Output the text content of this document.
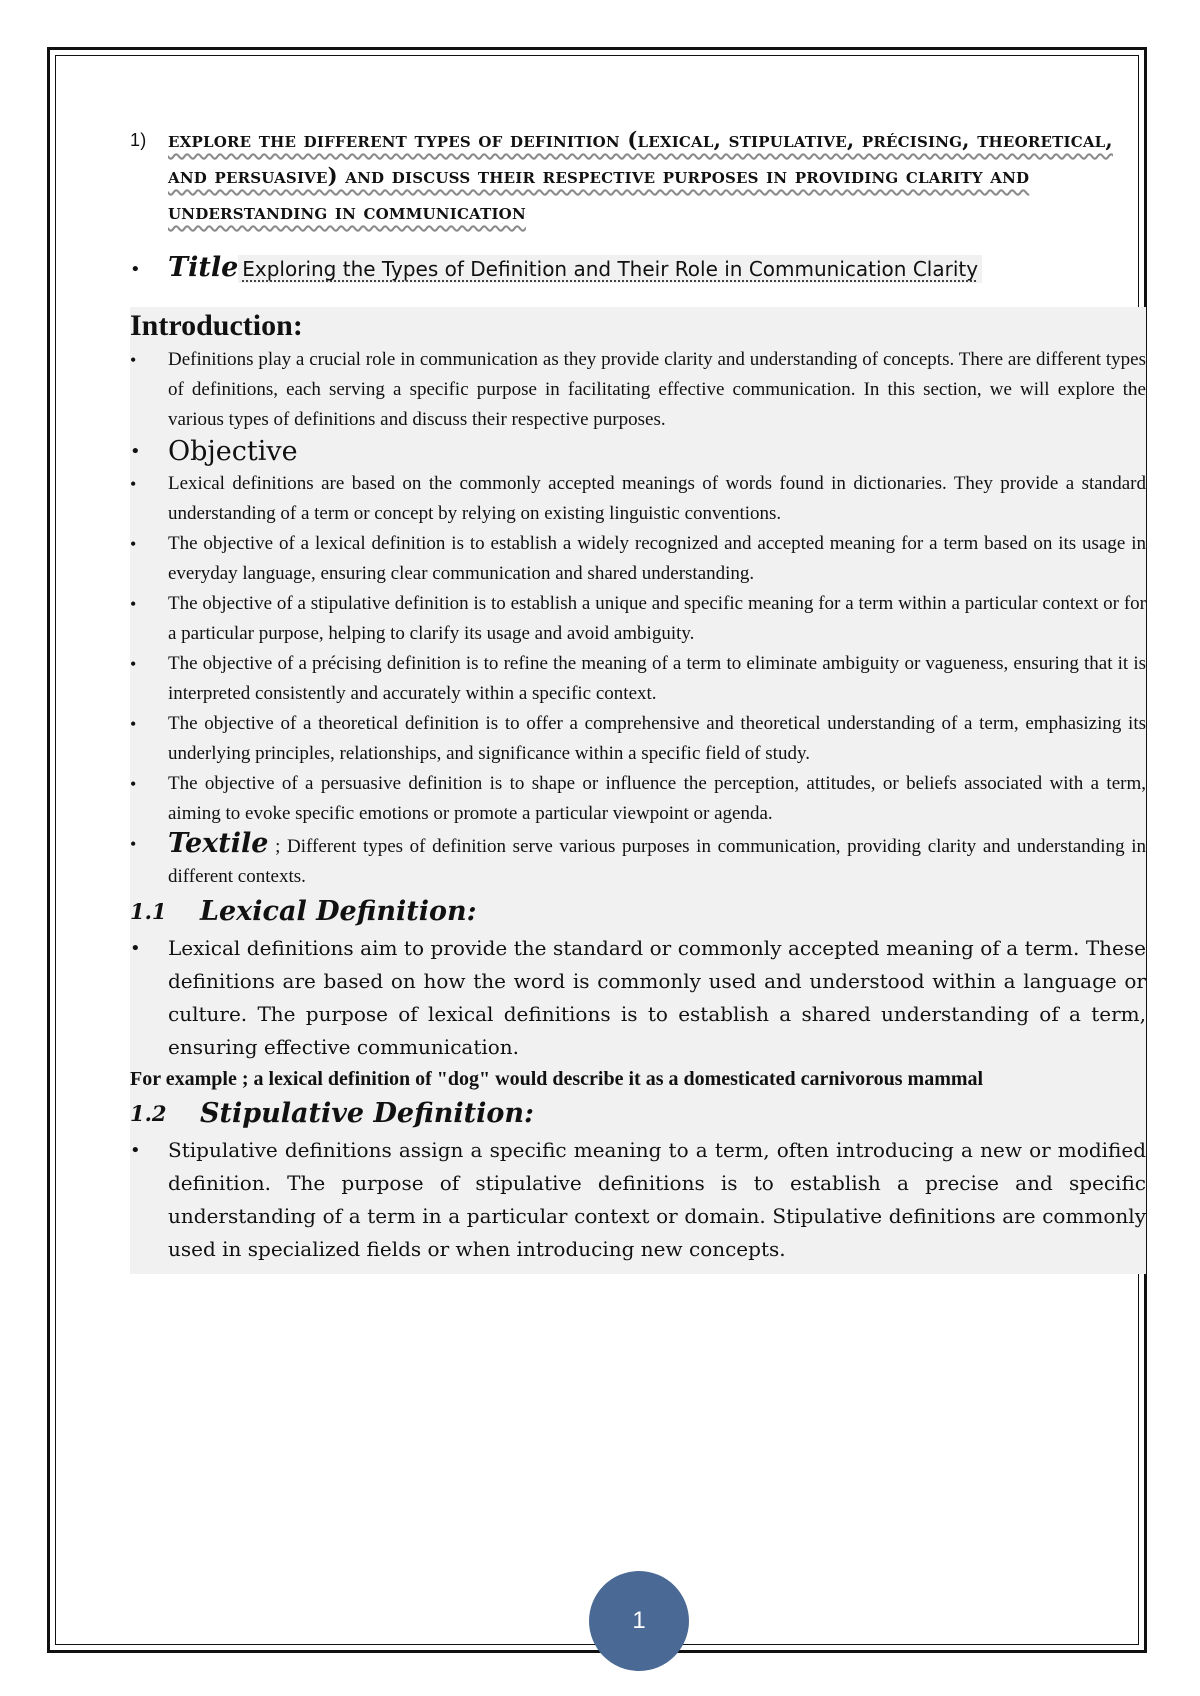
1)	explore the different types of definition (lexical, stipulative, précising, theoretical, and persuasive) and discuss their respective purposes in providing clarity and understanding in communication
• Title Exploring the Types of Definition and Their Role in Communication Clarity
Introduction:
• Definitions play a crucial role in communication as they provide clarity and understanding of concepts. There are different types of definitions, each serving a specific purpose in facilitating effective communication. In this section, we will explore the various types of definitions and discuss their respective purposes.
• Objective
• Lexical definitions are based on the commonly accepted meanings of words found in dictionaries. They provide a standard understanding of a term or concept by relying on existing linguistic conventions.
• The objective of a lexical definition is to establish a widely recognized and accepted meaning for a term based on its usage in everyday language, ensuring clear communication and shared understanding.
• The objective of a stipulative definition is to establish a unique and specific meaning for a term within a particular context or for a particular purpose, helping to clarify its usage and avoid ambiguity.
• The objective of a précising definition is to refine the meaning of a term to eliminate ambiguity or vagueness, ensuring that it is interpreted consistently and accurately within a specific context.
• The objective of a theoretical definition is to offer a comprehensive and theoretical understanding of a term, emphasizing its underlying principles, relationships, and significance within a specific field of study.
• The objective of a persuasive definition is to shape or influence the perception, attitudes, or beliefs associated with a term, aiming to evoke specific emotions or promote a particular viewpoint or agenda.
• Textile ; Different types of definition serve various purposes in communication, providing clarity and understanding in different contexts.
1.1	Lexical Definition:
• Lexical definitions aim to provide the standard or commonly accepted meaning of a term. These definitions are based on how the word is commonly used and understood within a language or culture. The purpose of lexical definitions is to establish a shared understanding of a term, ensuring effective communication.
For example ; a lexical definition of "dog" would describe it as a domesticated carnivorous mammal
1.2	Stipulative Definition:
• Stipulative definitions assign a specific meaning to a term, often introducing a new or modified definition. The purpose of stipulative definitions is to establish a precise and specific understanding of a term in a particular context or domain. Stipulative definitions are commonly used in specialized fields or when introducing new concepts.
1
